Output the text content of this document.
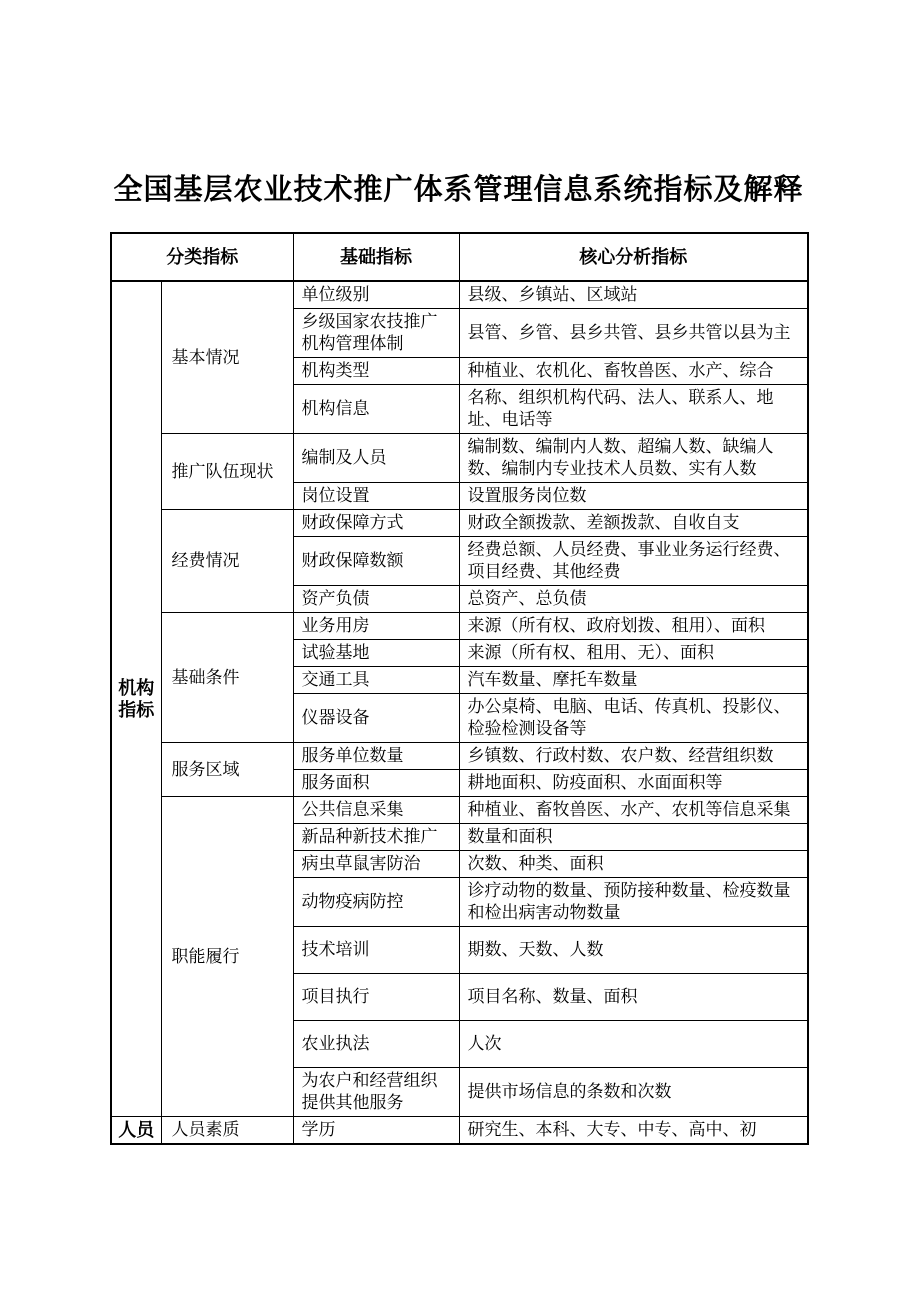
全国基层农业技术推广体系管理信息系统指标及解释
分类指标		基础指标	核心分析指标
机构指标	基本情况	单位级别	县级、乡镇站、区域站
		乡级国家农技推广机构管理体制	县管、乡管、县乡共管、县乡共管以县为主
		机构类型	种植业、农机化、畜牧兽医、水产、综合
		机构信息	名称、组织机构代码、法人、联系人、地址、电话等
	推广队伍现状	编制及人员	编制数、编制内人数、超编人数、缺编人数、编制内专业技术人员数、实有人数
		岗位设置	设置服务岗位数
	经费情况	财政保障方式	财政全额拨款、差额拨款、自收自支
		财政保障数额	经费总额、人员经费、事业业务运行经费、项目经费、其他经费
		资产负债	总资产、总负债
	基础条件	业务用房	来源（所有权、政府划拨、租用）、面积
		试验基地	来源（所有权、租用、无）、面积
		交通工具	汽车数量、摩托车数量
		仪器设备	办公桌椅、电脑、电话、传真机、投影仪、检验检测设备等
	服务区域	服务单位数量	乡镇数、行政村数、农户数、经营组织数
		服务面积	耕地面积、防疫面积、水面面积等
	职能履行	公共信息采集	种植业、畜牧兽医、水产、农机等信息采集
		新品种新技术推广	数量和面积
		病虫草鼠害防治	次数、种类、面积
		动物疫病防控	诊疗动物的数量、预防接种数量、检疫数量和检出病害动物数量
		技术培训	期数、天数、人数
		项目执行	项目名称、数量、面积
		农业执法	人次
		为农户和经营组织提供其他服务	提供市场信息的条数和次数
人员	人员素质	学历	研究生、本科、大专、中专、高中、初
